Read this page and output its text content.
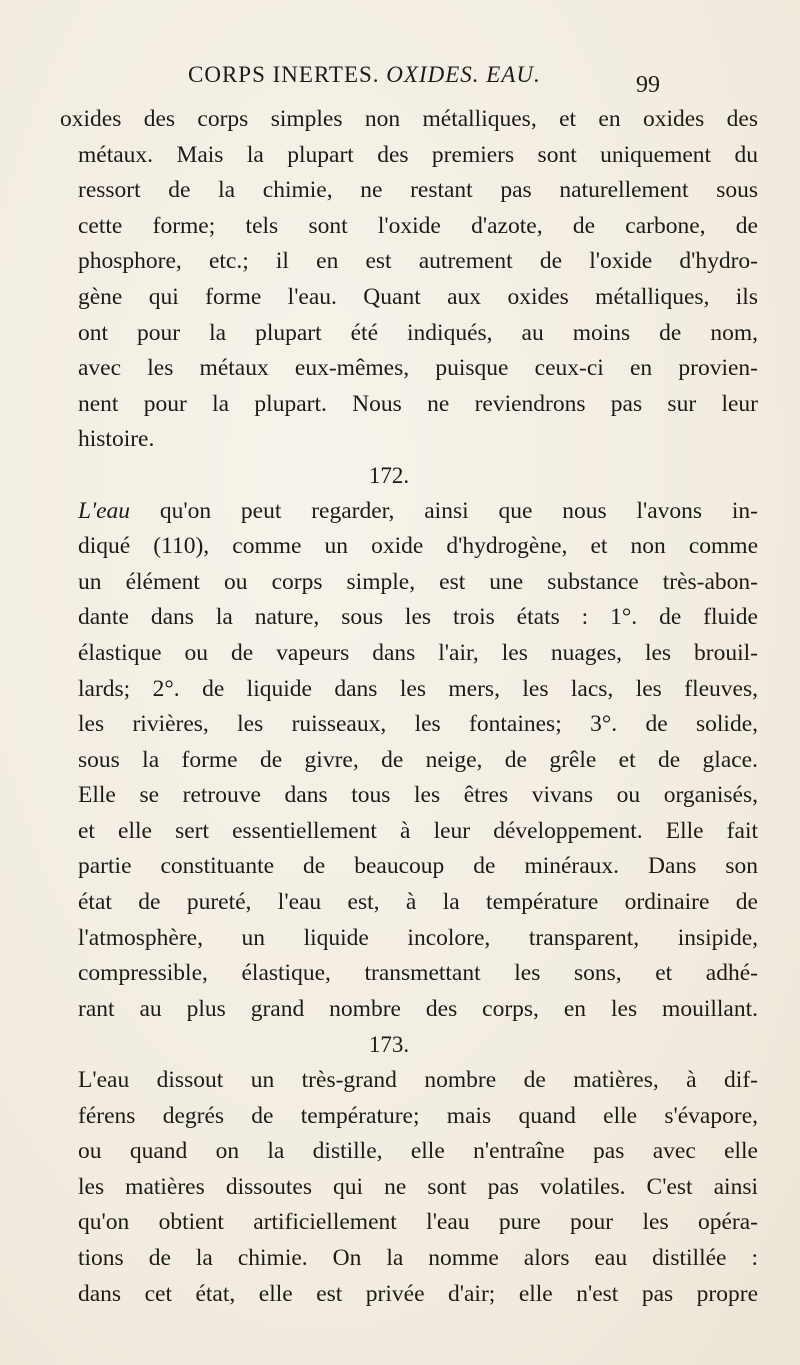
CORPS INERTES. OXIDES. EAU.	99
oxides des corps simples non métalliques, et en oxides des
métaux. Mais la plupart des premiers sont uniquement du
ressort de la chimie, ne restant pas naturellement sous
cette forme; tels sont l'oxide d'azote, de carbone, de
phosphore, etc.; il en est autrement de l'oxide d'hydro-
gène qui forme l'eau. Quant aux oxides métalliques, ils
ont pour la plupart été indiqués, au moins de nom,
avec les métaux eux-mêmes, puisque ceux-ci en provien-
nent pour la plupart. Nous ne reviendrons pas sur leur
histoire.
172.
L'eau qu'on peut regarder, ainsi que nous l'avons in-
diqué (110), comme un oxide d'hydrogène, et non comme
un élément ou corps simple, est une substance très-abon-
dante dans la nature, sous les trois états : 1°. de fluide
élastique ou de vapeurs dans l'air, les nuages, les brouil-
lards; 2°. de liquide dans les mers, les lacs, les fleuves,
les rivières, les ruisseaux, les fontaines; 3°. de solide,
sous la forme de givre, de neige, de grêle et de glace.
Elle se retrouve dans tous les êtres vivans ou organisés,
et elle sert essentiellement à leur développement. Elle fait
partie constituante de beaucoup de minéraux. Dans son
état de pureté, l'eau est, à la température ordinaire de
l'atmosphère, un liquide incolore, transparent, insipide,
compressible, élastique, transmettant les sons, et adhé-
rant au plus grand nombre des corps, en les mouillant.
173.
L'eau dissout un très-grand nombre de matières, à dif-
férens degrés de température; mais quand elle s'évapore,
ou quand on la distille, elle n'entraîne pas avec elle
les matières dissoutes qui ne sont pas volatiles. C'est ainsi
qu'on obtient artificiellement l'eau pure pour les opéra-
tions de la chimie. On la nomme alors eau distillée :
dans cet état, elle est privée d'air; elle n'est pas propre
